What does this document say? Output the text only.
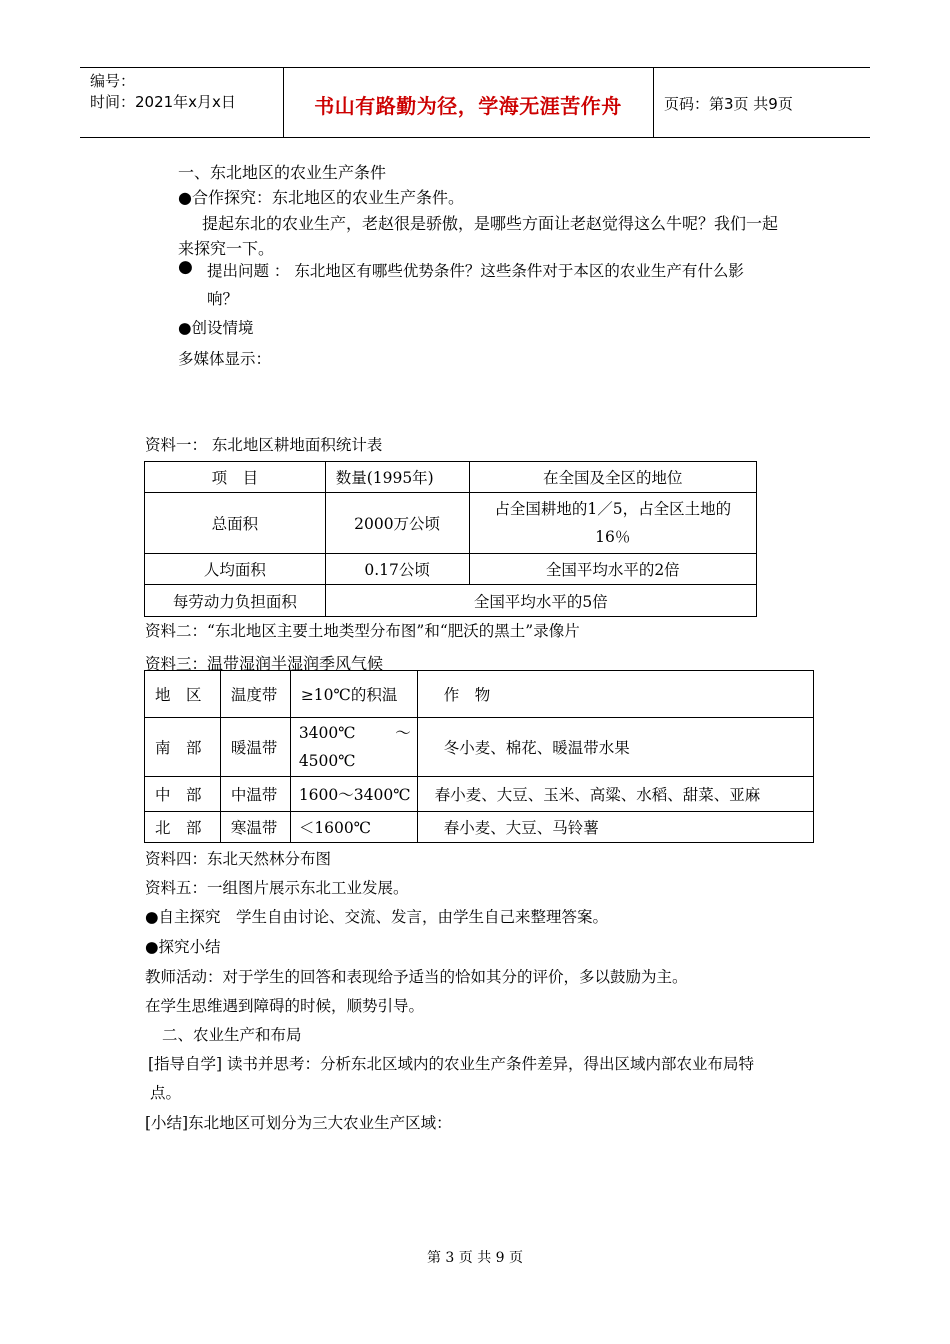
编号：
时间：2021年x月x日	书山有路勤为径，学海无涯苦作舟	页码：第3页 共9页
一、东北地区的农业生产条件
●合作探究：东北地区的农业生产条件。
提起东北的农业生产，老赵很是骄傲，是哪些方面让老赵觉得这么牛呢？我们一起
来探究一下。
● 提出问题 ： 东北地区有哪些优势条件？这些条件对于本区的农业生产有什么影
响？
●创设情境
多媒体显示：
资料一： 东北地区耕地面积统计表
项　目	数量(1995年)	在全国及全区的地位
总面积	2000万公顷	占全国耕地的1／5，占全区土地的
16％

人均面积	0.17公顷	全国平均水平的2倍
每劳动力负担面积	全国平均水平的5倍	
资料二：“东北地区主要土地类型分布图”和“肥沃的黑土”录像片
资料三：温带湿润半湿润季风气候
地　区	温度带	≥10℃的积温	作　物
南　部	暖温带	3400℃ ～
4500℃	冬小麦、棉花、暖温带水果
中　部	中温带	1600～3400℃	春小麦、大豆、玉米、高粱、水稻、甜菜、亚麻
北　部	寒温带	＜1600℃	春小麦、大豆、马铃薯
资料四：东北天然林分布图
资料五：一组图片展示东北工业发展。
●自主探究　学生自由讨论、交流、发言，由学生自己来整理答案。
●探究小结
教师活动：对于学生的回答和表现给予适当的恰如其分的评价，多以鼓励为主。
在学生思维遇到障碍的时候，顺势引导。
二、农业生产和布局
[指导自学] 读书并思考：分析东北区域内的农业生产条件差异，得出区域内部农业布局特
点。
[小结]东北地区可划分为三大农业生产区域：
第 3 页 共 9 页
